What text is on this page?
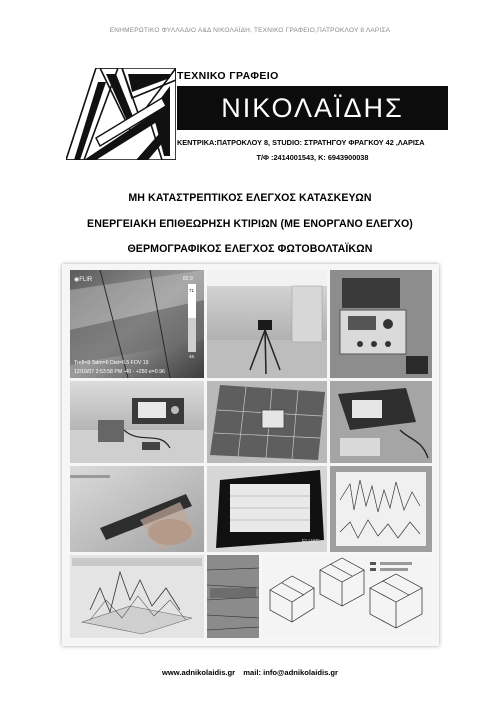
ΕΝΗΜΕΡΩΤΙΚΟ ΦΥΛΛΑΔΙΟ Α&Δ ΝΙΚΟΛΑΪΔΗ, ΤΕΧΝΙΚΟ ΓΡΑΦΕΙΟ,ΠΑΤΡΟΚΛΟΥ 8 ΛΑΡΙΣΑ
ΤΕΧΝΙΚΟ ΓΡΑΦΕΙΟ
ΝΙΚΟΛΑΪΔΗΣ
ΚΕΝΤΡΙΚΑ:ΠΑΤΡΟΚΛΟΥ 8, STUDIO: ΣΤΡΑΤΗΓΟΥ ΦΡΑΓΚΟΥ 42 ,ΛΑΡΙΣΑ
Τ/Φ :2414001543, Κ: 6943900038
ΜΗ ΚΑΤΑΣΤΡΕΠΤΙΚΟΣ ΕΛΕΓΧΟΣ ΚΑΤΑΣΚΕΥΩΝ
ΕΝΕΡΓΕΙΑΚΗ ΕΠΙΘΕΩΡΗΣΗ ΚΤΙΡΙΩΝ (ΜΕ ΕΝΟΡΓΑΝΟ ΕΛΕΓΧΟ)
ΘΕΡΜΟΓΡΑΦΙΚΟΣ ΕΛΕΓΧΟΣ ΦΩΤΟΒΟΛΤΑΪΚΩΝ
◉FLIR	82.9
71
46
Trefl=8 Tatm=6 Dist=6.5 FOV 19
12/10/07 3:53:58 PM -40 - +250 e=0.96
FLUKE
www.adnikolaidis.gr mail: info@adnikolaidis.gr
